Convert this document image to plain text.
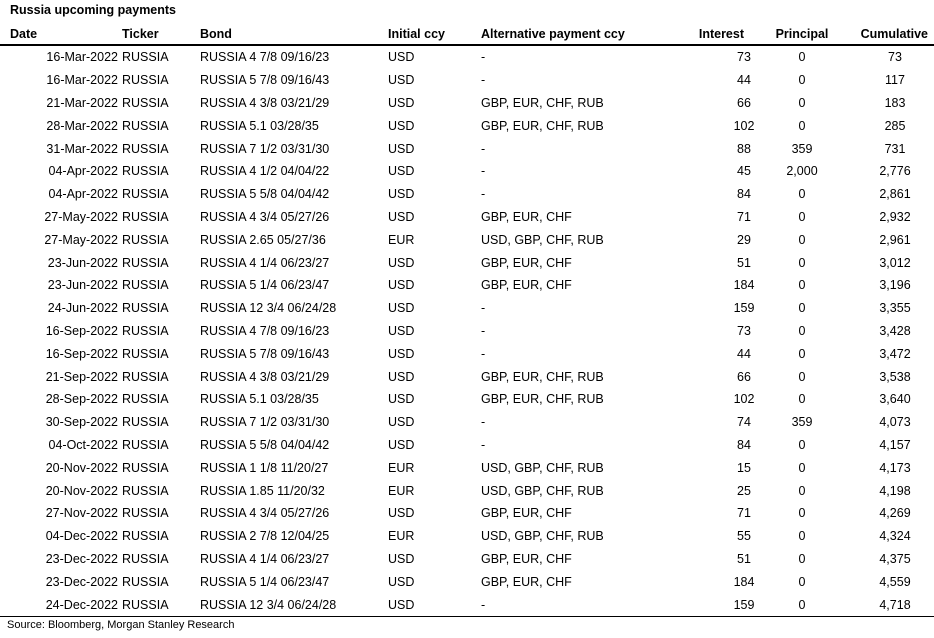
Russia upcoming payments
Date	Ticker	Bond	Initial ccy	Alternative payment ccy	Interest	Principal	Cumulative
16-Mar-2022	RUSSIA	RUSSIA 4 7/8 09/16/23	USD	-	73	0	73
16-Mar-2022	RUSSIA	RUSSIA 5 7/8 09/16/43	USD	-	44	0	117
21-Mar-2022	RUSSIA	RUSSIA 4 3/8 03/21/29	USD	GBP, EUR, CHF, RUB	66	0	183
28-Mar-2022	RUSSIA	RUSSIA 5.1 03/28/35	USD	GBP, EUR, CHF, RUB	102	0	285
31-Mar-2022	RUSSIA	RUSSIA 7 1/2 03/31/30	USD	-	88	359	731
04-Apr-2022	RUSSIA	RUSSIA 4 1/2 04/04/22	USD	-	45	2,000	2,776
04-Apr-2022	RUSSIA	RUSSIA 5 5/8 04/04/42	USD	-	84	0	2,861
27-May-2022	RUSSIA	RUSSIA 4 3/4 05/27/26	USD	GBP, EUR, CHF	71	0	2,932
27-May-2022	RUSSIA	RUSSIA 2.65 05/27/36	EUR	USD, GBP, CHF, RUB	29	0	2,961
23-Jun-2022	RUSSIA	RUSSIA 4 1/4 06/23/27	USD	GBP, EUR, CHF	51	0	3,012
23-Jun-2022	RUSSIA	RUSSIA 5 1/4 06/23/47	USD	GBP, EUR, CHF	184	0	3,196
24-Jun-2022	RUSSIA	RUSSIA 12 3/4 06/24/28	USD	-	159	0	3,355
16-Sep-2022	RUSSIA	RUSSIA 4 7/8 09/16/23	USD	-	73	0	3,428
16-Sep-2022	RUSSIA	RUSSIA 5 7/8 09/16/43	USD	-	44	0	3,472
21-Sep-2022	RUSSIA	RUSSIA 4 3/8 03/21/29	USD	GBP, EUR, CHF, RUB	66	0	3,538
28-Sep-2022	RUSSIA	RUSSIA 5.1 03/28/35	USD	GBP, EUR, CHF, RUB	102	0	3,640
30-Sep-2022	RUSSIA	RUSSIA 7 1/2 03/31/30	USD	-	74	359	4,073
04-Oct-2022	RUSSIA	RUSSIA 5 5/8 04/04/42	USD	-	84	0	4,157
20-Nov-2022	RUSSIA	RUSSIA 1 1/8 11/20/27	EUR	USD, GBP, CHF, RUB	15	0	4,173
20-Nov-2022	RUSSIA	RUSSIA 1.85 11/20/32	EUR	USD, GBP, CHF, RUB	25	0	4,198
27-Nov-2022	RUSSIA	RUSSIA 4 3/4 05/27/26	USD	GBP, EUR, CHF	71	0	4,269
04-Dec-2022	RUSSIA	RUSSIA 2 7/8 12/04/25	EUR	USD, GBP, CHF, RUB	55	0	4,324
23-Dec-2022	RUSSIA	RUSSIA 4 1/4 06/23/27	USD	GBP, EUR, CHF	51	0	4,375
23-Dec-2022	RUSSIA	RUSSIA 5 1/4 06/23/47	USD	GBP, EUR, CHF	184	0	4,559
24-Dec-2022	RUSSIA	RUSSIA 12 3/4 06/24/28	USD	-	159	0	4,718
Source: Bloomberg, Morgan Stanley Research
